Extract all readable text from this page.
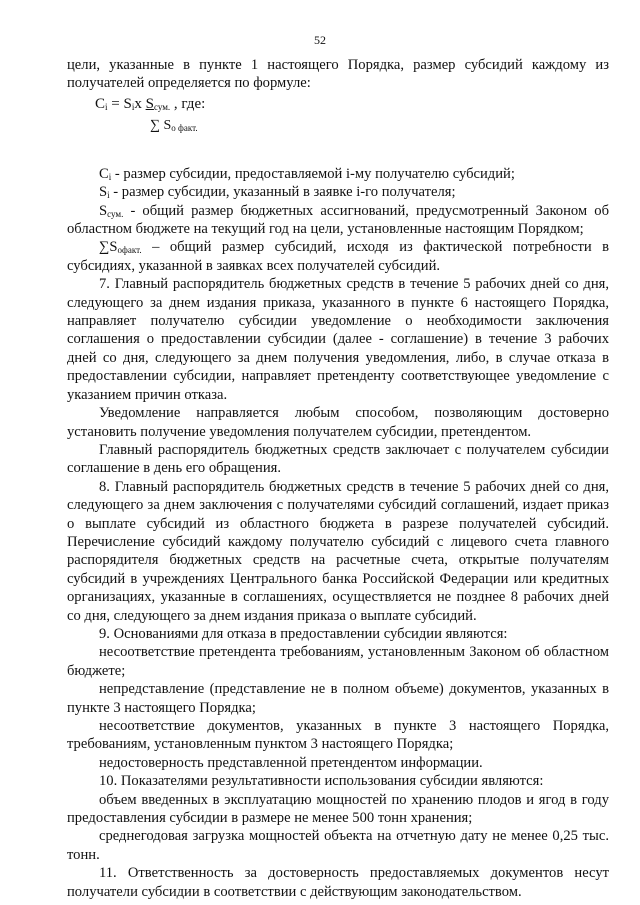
52

цели, указанные в пункте 1 настоящего Порядка, размер субсидий каждому из получателей определяется по формуле:

$C_i = S_ix$ $S_{сум.}$ , где:
∑ $S_{о факт.}$

$C_i$ - размер субсидии, предоставляемой i-му получателю субсидий;

$S_i$ - размер субсидии, указанный в заявке i-го получателя;

$S_{сум.}$ - общий размер бюджетных ассигнований, предусмотренный Законом об областном бюджете на текущий год на цели, установленные настоящим Порядком;

$\sum S_{офакт.}$ – общий размер субсидий, исходя из фактической потребности в субсидиях, указанной в заявках всех получателей субсидий.

7. Главный распорядитель бюджетных средств в течение 5 рабочих дней со дня, следующего за днем издания приказа, указанного в пункте 6 настоящего Порядка, направляет получателю субсидии уведомление о необходимости заключения соглашения о предоставлении субсидии (далее - соглашение) в течение 3 рабочих дней со дня, следующего за днем получения уведомления, либо, в случае отказа в предоставлении субсидии, направляет претенденту соответствующее уведомление с указанием причин отказа.

Уведомление направляется любым способом, позволяющим достоверно установить получение уведомления получателем субсидии, претендентом.

Главный распорядитель бюджетных средств заключает с получателем субсидии соглашение в день его обращения.

8. Главный распорядитель бюджетных средств в течение 5 рабочих дней со дня, следующего за днем заключения с получателями субсидий соглашений, издает приказ о выплате субсидий из областного бюджета в разрезе получателей субсидий. Перечисление субсидий каждому получателю субсидий с лицевого счета главного распорядителя бюджетных средств на расчетные счета, открытые получателям субсидий в учреждениях Центрального банка Российской Федерации или кредитных организациях, указанные в соглашениях, осуществляется не позднее 8 рабочих дней со дня, следующего за днем издания приказа о выплате субсидий.

9. Основаниями для отказа в предоставлении субсидии являются:

несоответствие претендента требованиям, установленным Законом об областном бюджете;

непредставление (представление не в полном объеме) документов, указанных в пункте 3 настоящего Порядка;

несоответствие документов, указанных в пункте 3 настоящего Порядка, требованиям, установленным пунктом 3 настоящего Порядка;

недостоверность представленной претендентом информации.

10. Показателями результативности использования субсидии являются:

объем введенных в эксплуатацию мощностей по хранению плодов и ягод в году предоставления субсидии в размере не менее 500 тонн хранения;

среднегодовая загрузка мощностей объекта на отчетную дату не менее 0,25 тыс. тонн.

11. Ответственность за достоверность предоставляемых документов несут получатели субсидии в соответствии с действующим законодательством.
